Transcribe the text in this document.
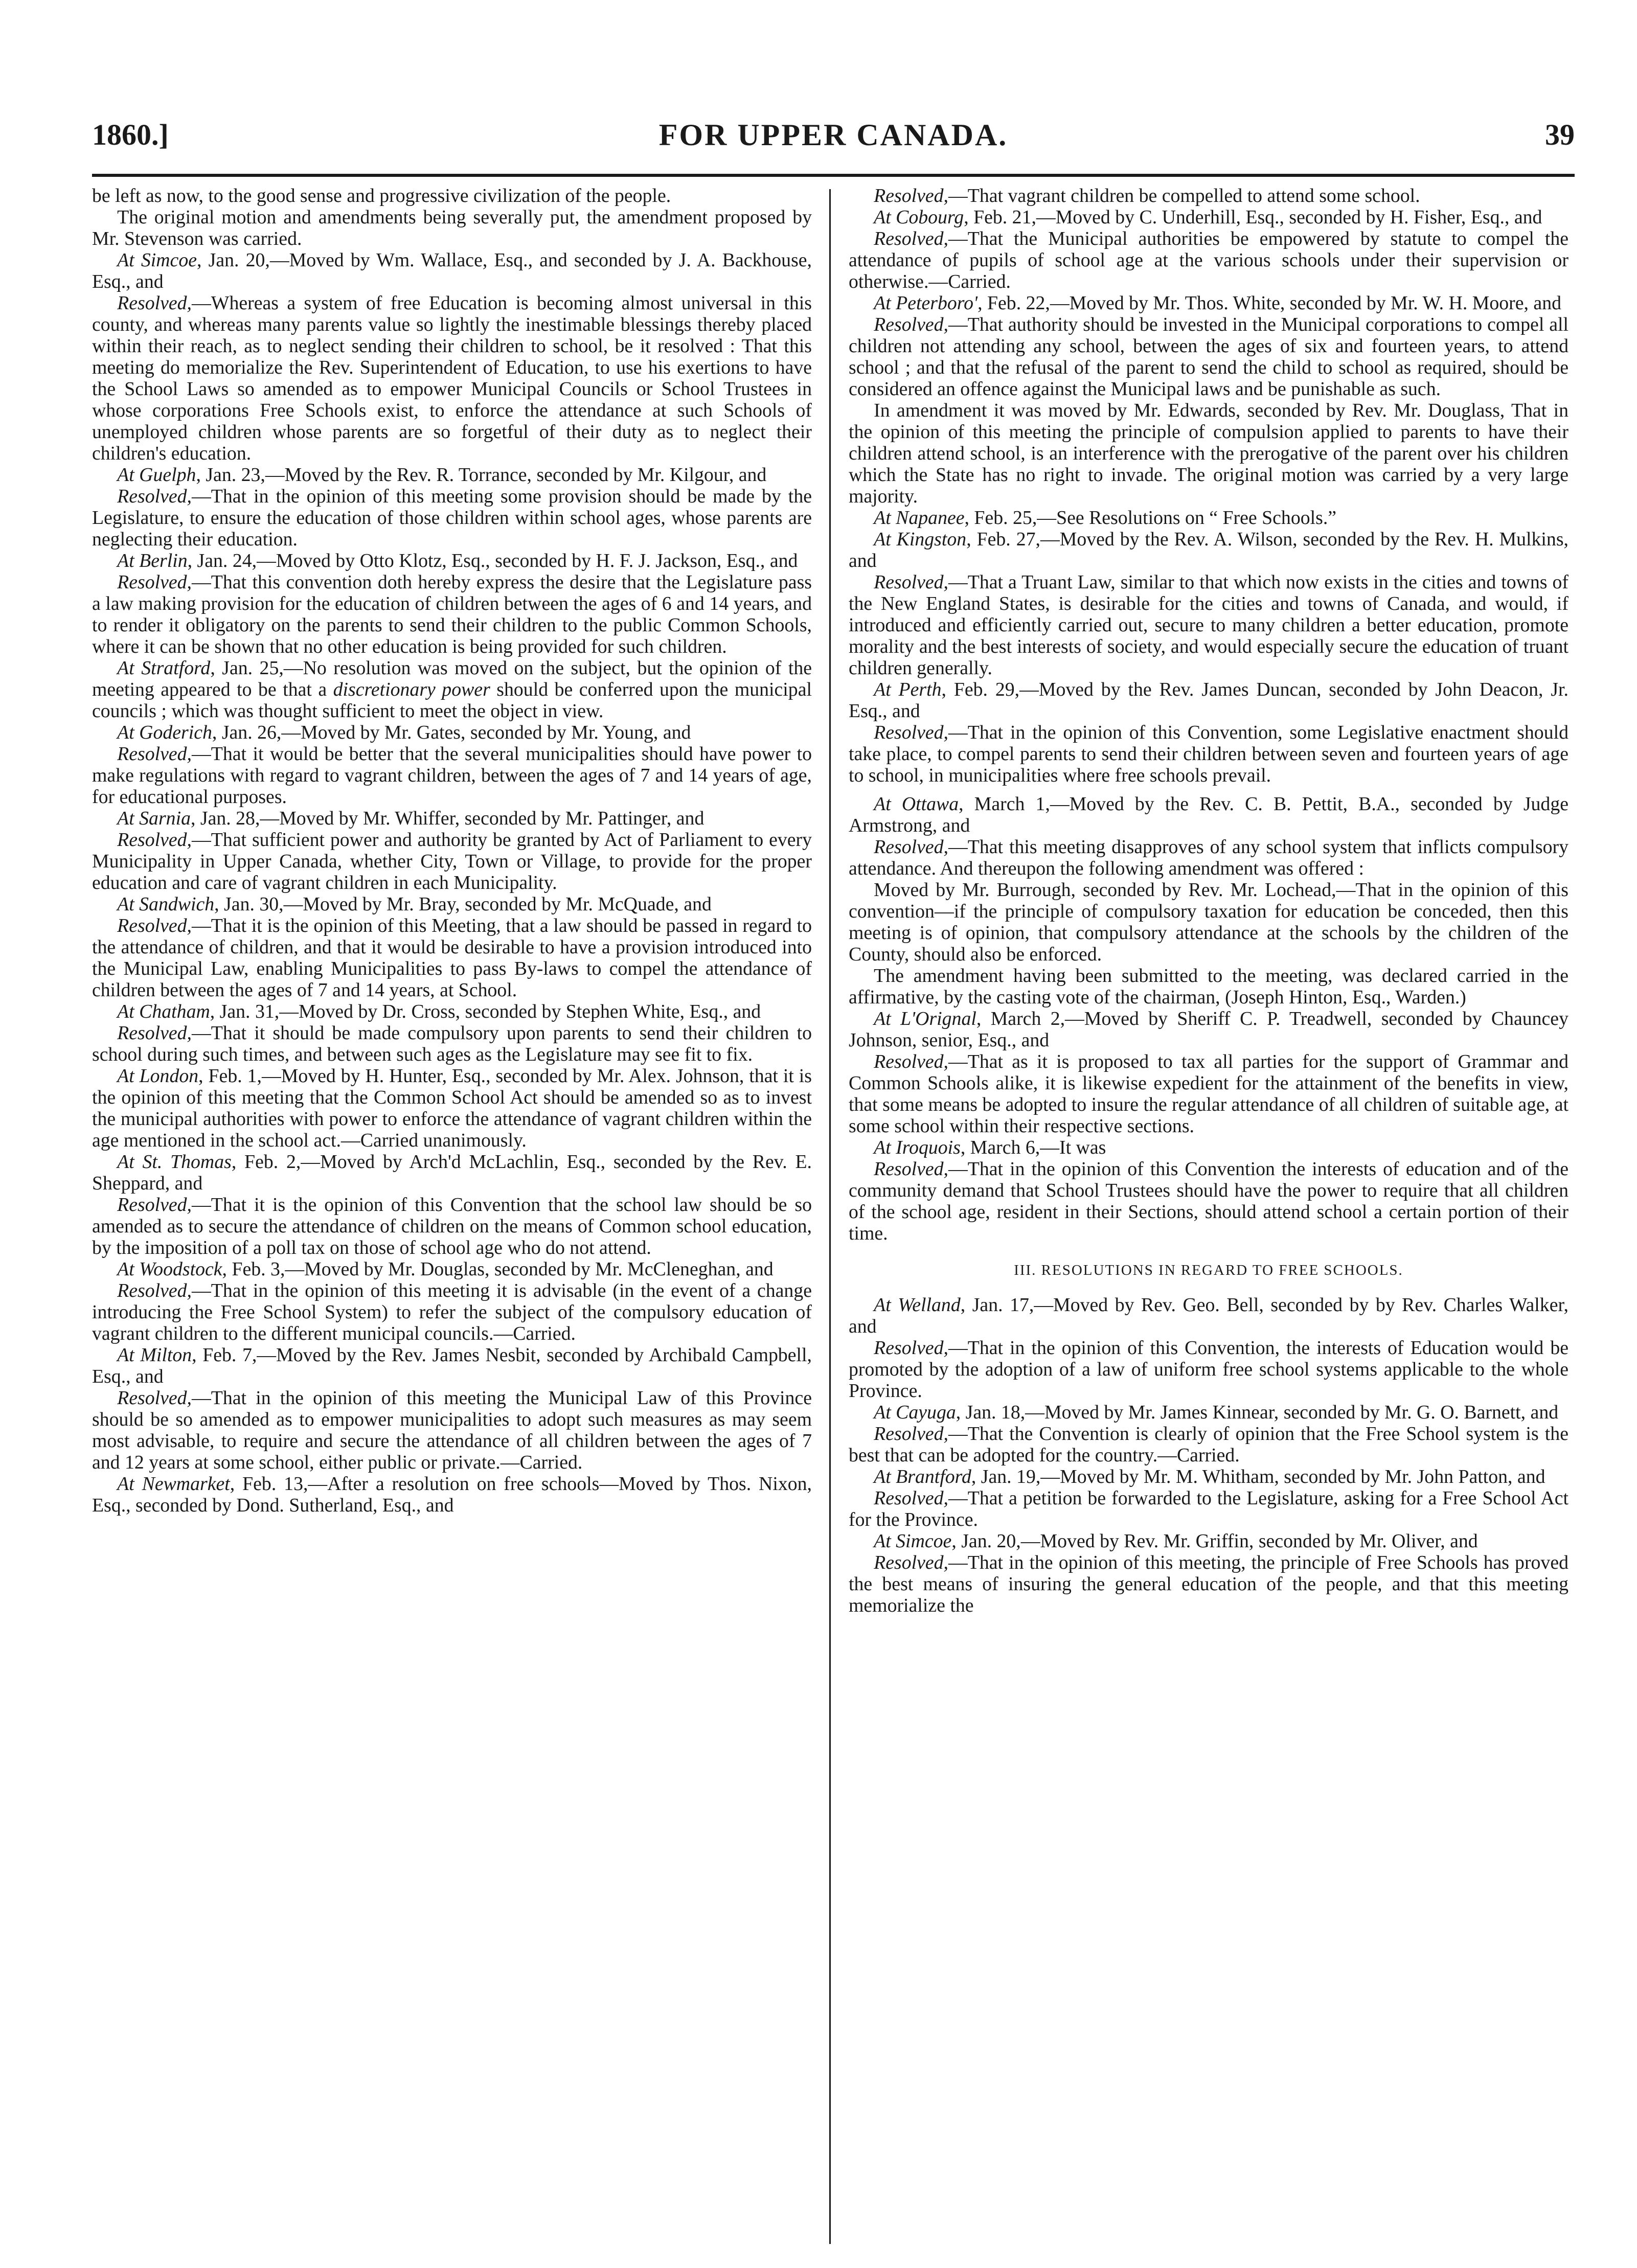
1860.]	FOR UPPER CANADA.	39

be left as now, to the good sense and progressive civilization of the people.

The original motion and amendments being severally put, the amendment proposed by Mr. Stevenson was carried.

At Simcoe, Jan. 20,—Moved by Wm. Wallace, Esq., and seconded by J. A. Backhouse, Esq., and

Resolved,—Whereas a system of free Education is becoming almost universal in this county, and whereas many parents value so lightly the inestimable blessings thereby placed within their reach, as to neglect sending their children to school, be it resolved : That this meeting do memorialize the Rev. Superintendent of Education, to use his exertions to have the School Laws so amended as to empower Municipal Councils or School Trustees in whose corporations Free Schools exist, to enforce the attendance at such Schools of unemployed children whose parents are so forgetful of their duty as to neglect their children's education.

At Guelph, Jan. 23,—Moved by the Rev. R. Torrance, seconded by Mr. Kilgour, and

Resolved,—That in the opinion of this meeting some provision should be made by the Legislature, to ensure the education of those children within school ages, whose parents are neglecting their education.

At Berlin, Jan. 24,—Moved by Otto Klotz, Esq., seconded by H. F. J. Jackson, Esq., and

Resolved,—That this convention doth hereby express the desire that the Legislature pass a law making provision for the education of children between the ages of 6 and 14 years, and to render it obligatory on the parents to send their children to the public Common Schools, where it can be shown that no other education is being provided for such children.

At Stratford, Jan. 25,—No resolution was moved on the subject, but the opinion of the meeting appeared to be that a discretionary power should be conferred upon the municipal councils ; which was thought sufficient to meet the object in view.

At Goderich, Jan. 26,—Moved by Mr. Gates, seconded by Mr. Young, and

Resolved,—That it would be better that the several municipalities should have power to make regulations with regard to vagrant children, between the ages of 7 and 14 years of age, for educational purposes.

At Sarnia, Jan. 28,—Moved by Mr. Whiffer, seconded by Mr. Pattinger, and

Resolved,—That sufficient power and authority be granted by Act of Parliament to every Municipality in Upper Canada, whether City, Town or Village, to provide for the proper education and care of vagrant children in each Municipality.

At Sandwich, Jan. 30,—Moved by Mr. Bray, seconded by Mr. McQuade, and

Resolved,—That it is the opinion of this Meeting, that a law should be passed in regard to the attendance of children, and that it would be desirable to have a provision introduced into the Municipal Law, enabling Municipalities to pass By-laws to compel the attendance of children between the ages of 7 and 14 years, at School.

At Chatham, Jan. 31,—Moved by Dr. Cross, seconded by Stephen White, Esq., and

Resolved,—That it should be made compulsory upon parents to send their children to school during such times, and between such ages as the Legislature may see fit to fix.

At London, Feb. 1,—Moved by H. Hunter, Esq., seconded by Mr. Alex. Johnson, that it is the opinion of this meeting that the Common School Act should be amended so as to invest the municipal authorities with power to enforce the attendance of vagrant children within the age mentioned in the school act.—Carried unanimously.

At St. Thomas, Feb. 2,—Moved by Arch'd McLachlin, Esq., seconded by the Rev. E. Sheppard, and

Resolved,—That it is the opinion of this Convention that the school law should be so amended as to secure the attendance of children on the means of Common school education, by the imposition of a poll tax on those of school age who do not attend.

At Woodstock, Feb. 3,—Moved by Mr. Douglas, seconded by Mr. McCleneghan, and

Resolved,—That in the opinion of this meeting it is advisable (in the event of a change introducing the Free School System) to refer the subject of the compulsory education of vagrant children to the different municipal councils.—Carried.

At Milton, Feb. 7,—Moved by the Rev. James Nesbit, seconded by Archibald Campbell, Esq., and

Resolved,—That in the opinion of this meeting the Municipal Law of this Province should be so amended as to empower municipalities to adopt such measures as may seem most advisable, to require and secure the attendance of all children between the ages of 7 and 12 years at some school, either public or private.—Carried.

At Newmarket, Feb. 13,—After a resolution on free schools—Moved by Thos. Nixon, Esq., seconded by Dond. Sutherland, Esq., and

Resolved,—That vagrant children be compelled to attend some school.

At Cobourg, Feb. 21,—Moved by C. Underhill, Esq., seconded by H. Fisher, Esq., and

Resolved,—That the Municipal authorities be empowered by statute to compel the attendance of pupils of school age at the various schools under their supervision or otherwise.—Carried.

At Peterboro', Feb. 22,—Moved by Mr. Thos. White, seconded by Mr. W. H. Moore, and

Resolved,—That authority should be invested in the Municipal corporations to compel all children not attending any school, between the ages of six and fourteen years, to attend school ; and that the refusal of the parent to send the child to school as required, should be considered an offence against the Municipal laws and be punishable as such.

In amendment it was moved by Mr. Edwards, seconded by Rev. Mr. Douglass, That in the opinion of this meeting the principle of compulsion applied to parents to have their children attend school, is an interference with the prerogative of the parent over his children which the State has no right to invade. The original motion was carried by a very large majority.

At Napanee, Feb. 25,—See Resolutions on “ Free Schools.”

At Kingston, Feb. 27,—Moved by the Rev. A. Wilson, seconded by the Rev. H. Mulkins, and

Resolved,—That a Truant Law, similar to that which now exists in the cities and towns of the New England States, is desirable for the cities and towns of Canada, and would, if introduced and efficiently carried out, secure to many children a better education, promote morality and the best interests of society, and would especially secure the education of truant children generally.

At Perth, Feb. 29,—Moved by the Rev. James Duncan, seconded by John Deacon, Jr. Esq., and

Resolved,—That in the opinion of this Convention, some Legislative enactment should take place, to compel parents to send their children between seven and fourteen years of age to school, in municipalities where free schools prevail.

At Ottawa, March 1,—Moved by the Rev. C. B. Pettit, B.A., seconded by Judge Armstrong, and

Resolved,—That this meeting disapproves of any school system that inflicts compulsory attendance. And thereupon the following amendment was offered :

Moved by Mr. Burrough, seconded by Rev. Mr. Lochead,—That in the opinion of this convention—if the principle of compulsory taxation for education be conceded, then this meeting is of opinion, that compulsory attendance at the schools by the children of the County, should also be enforced.

The amendment having been submitted to the meeting, was declared carried in the affirmative, by the casting vote of the chairman, (Joseph Hinton, Esq., Warden.)

At L'Orignal, March 2,—Moved by Sheriff C. P. Treadwell, seconded by Chauncey Johnson, senior, Esq., and

Resolved,—That as it is proposed to tax all parties for the support of Grammar and Common Schools alike, it is likewise expedient for the attainment of the benefits in view, that some means be adopted to insure the regular attendance of all children of suitable age, at some school within their respective sections.

At Iroquois, March 6,—It was

Resolved,—That in the opinion of this Convention the interests of education and of the community demand that School Trustees should have the power to require that all children of the school age, resident in their Sections, should attend school a certain portion of their time.

III. RESOLUTIONS IN REGARD TO FREE SCHOOLS.

At Welland, Jan. 17,—Moved by Rev. Geo. Bell, seconded by by Rev. Charles Walker, and

Resolved,—That in the opinion of this Convention, the interests of Education would be promoted by the adoption of a law of uniform free school systems applicable to the whole Province.

At Cayuga, Jan. 18,—Moved by Mr. James Kinnear, seconded by Mr. G. O. Barnett, and

Resolved,—That the Convention is clearly of opinion that the Free School system is the best that can be adopted for the country.—Carried.

At Brantford, Jan. 19,—Moved by Mr. M. Whitham, seconded by Mr. John Patton, and

Resolved,—That a petition be forwarded to the Legislature, asking for a Free School Act for the Province.

At Simcoe, Jan. 20,—Moved by Rev. Mr. Griffin, seconded by Mr. Oliver, and

Resolved,—That in the opinion of this meeting, the principle of Free Schools has proved the best means of insuring the general education of the people, and that this meeting memorialize the
